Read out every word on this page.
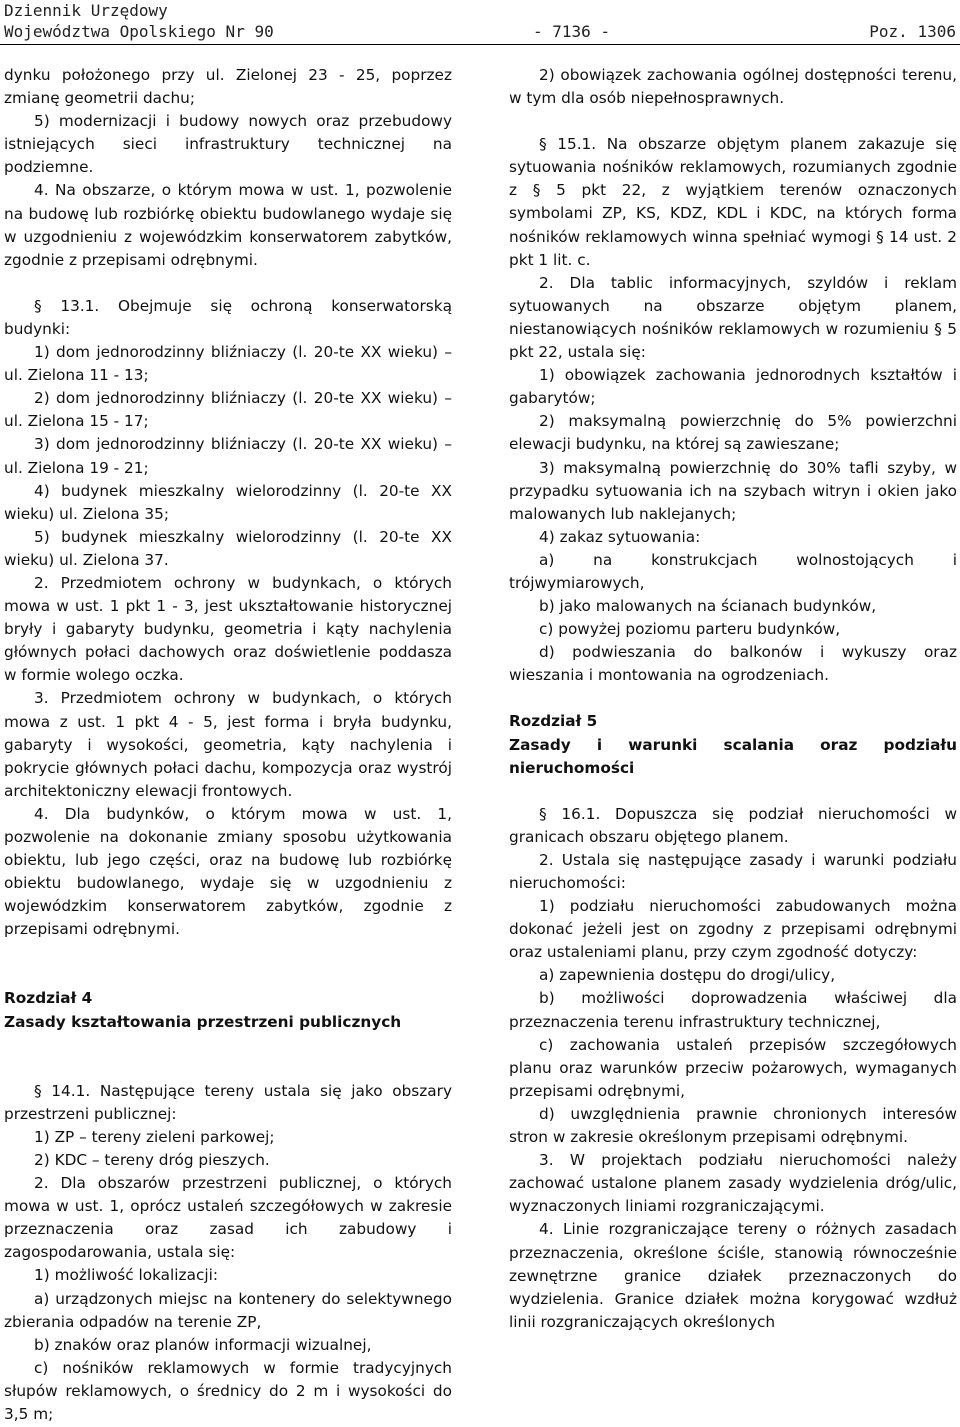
Dziennik Urzędowy
Województwa Opolskiego Nr 90	- 7136 -	Poz. 1306

dynku położonego przy ul. Zielonej 23 - 25, poprzez zmianę geometrii dachu;

5) modernizacji i budowy nowych oraz przebudowy istniejących sieci infrastruktury technicznej na podziemne.

4. Na obszarze, o którym mowa w ust. 1, pozwolenie na budowę lub rozbiórkę obiektu budowlanego wydaje się w uzgodnieniu z wojewódzkim konserwatorem zabytków, zgodnie z przepisami odrębnymi.

§ 13.1. Obejmuje się ochroną konserwatorską budynki:

1) dom jednorodzinny bliźniaczy (l. 20-te XX wieku) – ul. Zielona 11 - 13;

2) dom jednorodzinny bliźniaczy (l. 20-te XX wieku) – ul. Zielona 15 - 17;

3) dom jednorodzinny bliźniaczy (l. 20-te XX wieku) – ul. Zielona 19 - 21;

4) budynek mieszkalny wielorodzinny (l. 20-te XX wieku) ul. Zielona 35;

5) budynek mieszkalny wielorodzinny (l. 20-te XX wieku) ul. Zielona 37.

2. Przedmiotem ochrony w budynkach, o których mowa w ust. 1 pkt 1 - 3, jest ukształtowanie historycznej bryły i gabaryty budynku, geometria i kąty nachylenia głównych połaci dachowych oraz doświetlenie poddasza w formie wolego oczka.

3. Przedmiotem ochrony w budynkach, o których mowa z ust. 1 pkt 4 - 5, jest forma i bryła budynku, gabaryty i wysokości, geometria, kąty nachylenia i pokrycie głównych połaci dachu, kompozycja oraz wystrój architektoniczny elewacji frontowych.

4. Dla budynków, o którym mowa w ust. 1, pozwolenie na dokonanie zmiany sposobu użytkowania obiektu, lub jego części, oraz na budowę lub rozbiórkę obiektu budowlanego, wydaje się w uzgodnieniu z wojewódzkim konserwatorem zabytków, zgodnie z przepisami odrębnymi.

Rozdział 4

Zasady kształtowania przestrzeni publicznych

§ 14.1. Następujące tereny ustala się jako obszary przestrzeni publicznej:

1) ZP – tereny zieleni parkowej;

2) KDC – tereny dróg pieszych.

2. Dla obszarów przestrzeni publicznej, o których mowa w ust. 1, oprócz ustaleń szczegółowych w zakresie przeznaczenia oraz zasad ich zabudowy i zagospodarowania, ustala się:

1) możliwość lokalizacji:

a) urządzonych miejsc na kontenery do selektywnego zbierania odpadów na terenie ZP,

b) znaków oraz planów informacji wizualnej,

c) nośników reklamowych w formie tradycyjnych słupów reklamowych, o średnicy do 2 m i wysokości do 3,5 m;

2) obowiązek zachowania ogólnej dostępności terenu, w tym dla osób niepełnosprawnych.

§ 15.1. Na obszarze objętym planem zakazuje się sytuowania nośników reklamowych, rozumianych zgodnie z § 5 pkt 22, z wyjątkiem terenów oznaczonych symbolami ZP, KS, KDZ, KDL i KDC, na których forma nośników reklamowych winna spełniać wymogi § 14 ust. 2 pkt 1 lit. c.

2. Dla tablic informacyjnych, szyldów i reklam sytuowanych na obszarze objętym planem, niestanowiących nośników reklamowych w rozumieniu § 5 pkt 22, ustala się:

1) obowiązek zachowania jednorodnych kształtów i gabarytów;

2) maksymalną powierzchnię do 5% powierzchni elewacji budynku, na której są zawieszane;

3) maksymalną powierzchnię do 30% tafli szyby, w przypadku sytuowania ich na szybach witryn i okien jako malowanych lub naklejanych;

4) zakaz sytuowania:

a) na konstrukcjach wolnostojących i trójwymiarowych,

b) jako malowanych na ścianach budynków,

c) powyżej poziomu parteru budynków,

d) podwieszania do balkonów i wykuszy oraz wieszania i montowania na ogrodzeniach.

Rozdział 5

Zasady i warunki scalania oraz podziału nieruchomości

§ 16.1. Dopuszcza się podział nieruchomości w granicach obszaru objętego planem.

2. Ustala się następujące zasady i warunki podziału nieruchomości:

1) podziału nieruchomości zabudowanych można dokonać jeżeli jest on zgodny z przepisami odrębnymi oraz ustaleniami planu, przy czym zgodność dotyczy:

a) zapewnienia dostępu do drogi/ulicy,

b) możliwości doprowadzenia właściwej dla przeznaczenia terenu infrastruktury technicznej,

c) zachowania ustaleń przepisów szczegółowych planu oraz warunków przeciw pożarowych, wymaganych przepisami odrębnymi,

d) uwzględnienia prawnie chronionych interesów stron w zakresie określonym przepisami odrębnymi.

3. W projektach podziału nieruchomości należy zachować ustalone planem zasady wydzielenia dróg/ulic, wyznaczonych liniami rozgraniczającymi.

4. Linie rozgraniczające tereny o różnych zasadach przeznaczenia, określone ściśle, stanowią równocześnie zewnętrzne granice działek przeznaczonych do wydzielenia. Granice działek można korygować wzdłuż linii rozgraniczających określonych
